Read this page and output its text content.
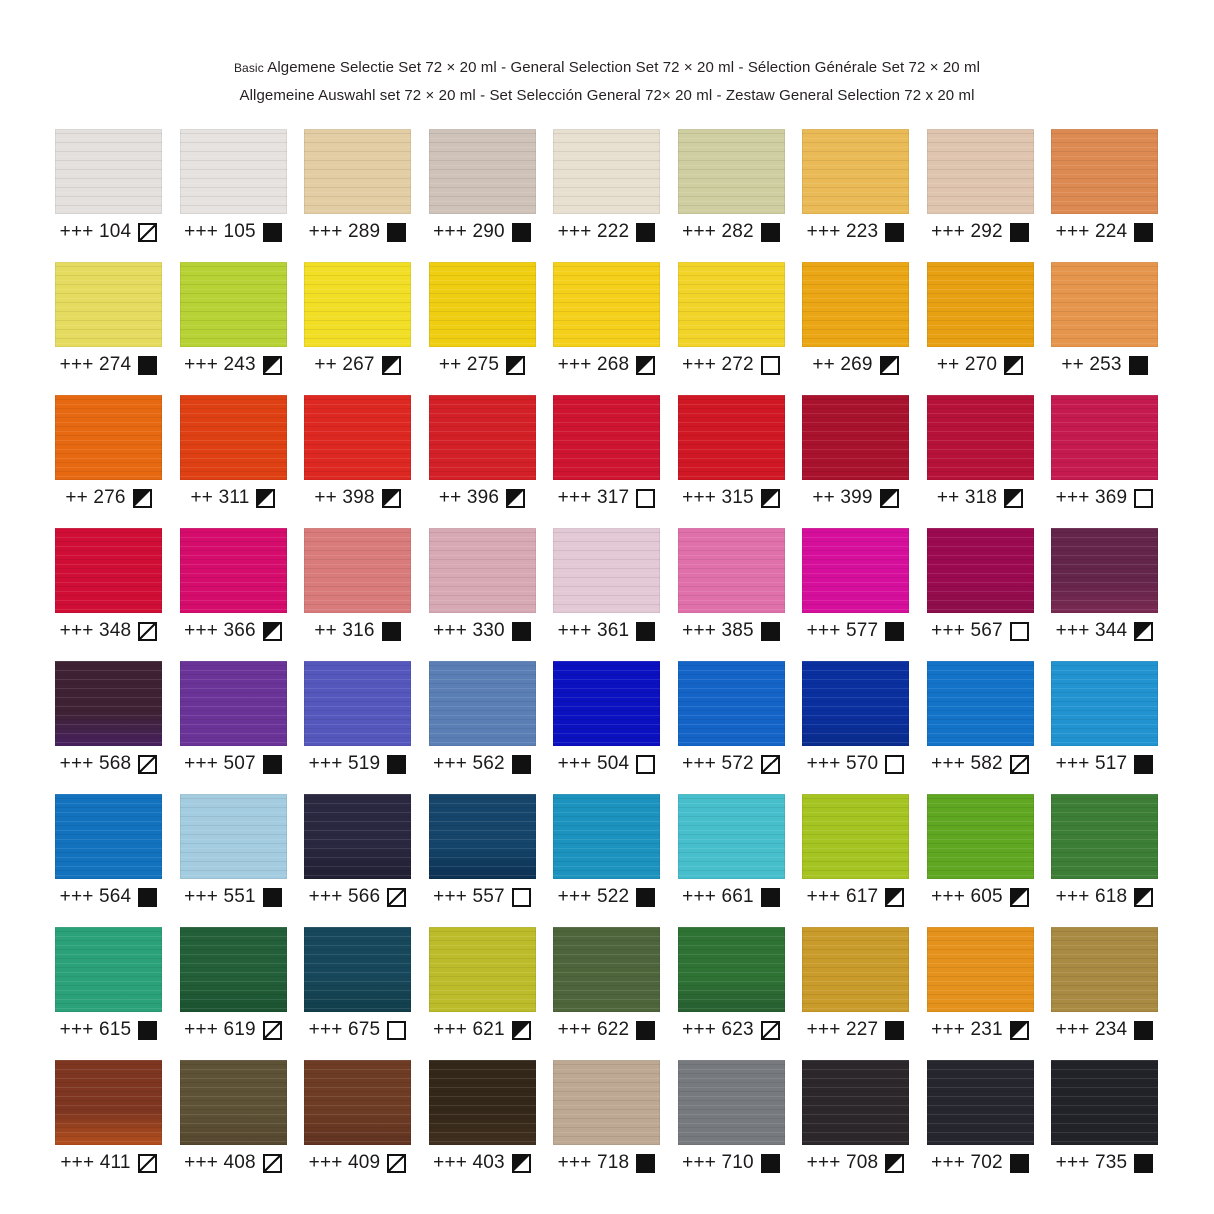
Basic Algemene Selectie Set 72 × 20 ml - General Selection Set 72 × 20 ml - Sélection Générale Set 72 × 20 ml
Allgemeine Auswahl set 72 × 20 ml - Set Selección General 72× 20 ml - Zestaw General Selection 72 x 20 ml
+++ 104	+++ 105	+++ 289	+++ 290	+++ 222	+++ 282	+++ 223	+++ 292	+++ 224
+++ 274	+++ 243	++ 267	++ 275	+++ 268	+++ 272	++ 269	++ 270	++ 253
++ 276	++ 311	++ 398	++ 396	+++ 317	+++ 315	++ 399	++ 318	+++ 369
+++ 348	+++ 366	++ 316	+++ 330	+++ 361	+++ 385	+++ 577	+++ 567	+++ 344
+++ 568	+++ 507	+++ 519	+++ 562	+++ 504	+++ 572	+++ 570	+++ 582	+++ 517
+++ 564	+++ 551	+++ 566	+++ 557	+++ 522	+++ 661	+++ 617	+++ 605	+++ 618
+++ 615	+++ 619	+++ 675	+++ 621	+++ 622	+++ 623	+++ 227	+++ 231	+++ 234
+++ 411	+++ 408	+++ 409	+++ 403	+++ 718	+++ 710	+++ 708	+++ 702	+++ 735
